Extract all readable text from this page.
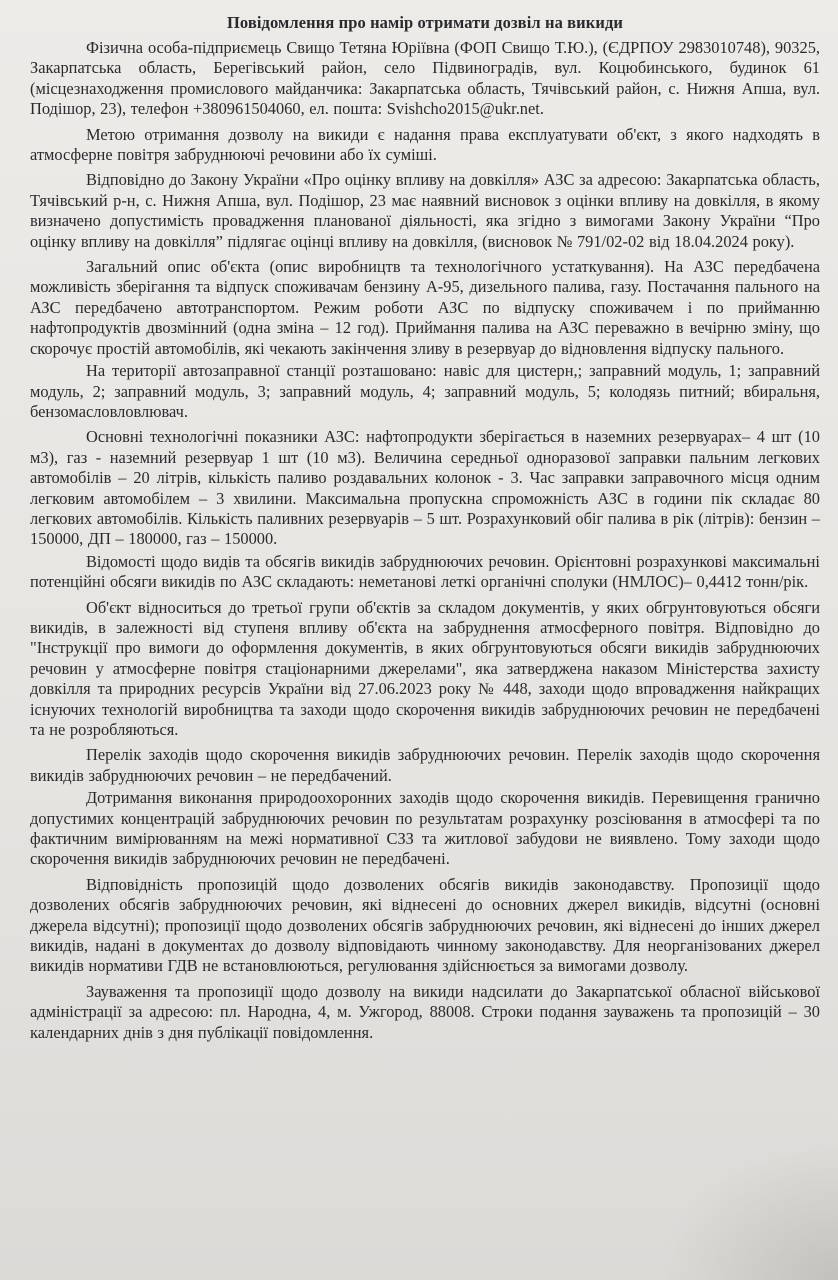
Повідомлення про намір отримати дозвіл на викиди

Фізична особа-підприємець Свищо Тетяна Юріївна (ФОП Свищо Т.Ю.), (ЄДРПОУ 2983010748), 90325, Закарпатська область, Берегівський район, село Підвиноградів, вул. Коцюбинського, будинок 61 (місцезнаходження промислового майданчика: Закарпатська область, Тячівський район, с. Нижня Апша, вул. Подішор, 23), телефон +380961504060, ел. пошта: Svishcho2015@ukr.net.

Метою отримання дозволу на викиди є надання права експлуатувати об'єкт, з якого надходять в атмосферне повітря забруднюючі речовини або їх суміші.

Відповідно до Закону України «Про оцінку впливу на довкілля» АЗС за адресою: Закарпатська область, Тячівський р-н, с. Нижня Апша, вул. Подішор, 23 має наявний висновок з оцінки впливу на довкілля, в якому визначено допустимість провадження планованої діяльності, яка згідно з вимогами Закону України “Про оцінку впливу на довкілля” підлягає оцінці впливу на довкілля, (висновок № 791/02-02 від 18.04.2024 року).

Загальний опис об'єкта (опис виробництв та технологічного устаткування). На АЗС передбачена можливість зберігання та відпуск споживачам бензину А-95, дизельного палива, газу. Постачання пального на АЗС передбачено автотранспортом. Режим роботи АЗС по відпуску споживачем і по прийманню нафтопродуктів двозмінний (одна зміна – 12 год). Приймання палива на АЗС переважно в вечірню зміну, що скорочує простій автомобілів, які чекають закінчення зливу в резервуар до відновлення відпуску пального.

На території автозаправної станції розташовано: навіс для цистерн,; заправний модуль, 1; заправний модуль, 2; заправний модуль, 3; заправний модуль, 4; заправний модуль, 5; колодязь питний; вбиральня, бензомасловловлювач.

Основні технологічні показники АЗС: нафтопродукти зберігається в наземних резервуарах– 4 шт (10 м3), газ - наземний резервуар 1 шт (10 м3). Величина середньої одноразової заправки пальним легкових автомобілів – 20 літрів, кількість паливо роздавальних колонок - 3. Час заправки заправочного місця одним легковим автомобілем – 3 хвилини. Максимальна пропускна спроможність АЗС в години пік складає 80 легкових автомобілів. Кількість паливних резервуарів – 5 шт. Розрахунковий обіг палива в рік (літрів): бензин – 150000, ДП – 180000, газ – 150000.

Відомості щодо видів та обсягів викидів забруднюючих речовин. Орієнтовні розрахункові максимальні потенційні обсяги викидів по АЗС складають: неметанові леткі органічні сполуки (НМЛОС)– 0,4412 тонн/рік.

Об'єкт відноситься до третьої групи об'єктів за складом документів, у яких обгрунтовуються обсяги викидів, в залежності від ступеня впливу об'єкта на забруднення атмосферного повітря. Відповідно до "Інструкції про вимоги до оформлення документів, в яких обгрунтовуються обсяги викидів забруднюючих речовин у атмосферне повітря стаціонарними джерелами", яка затверджена наказом Міністерства захисту довкілля та природних ресурсів України від 27.06.2023 року № 448, заходи щодо впровадження найкращих існуючих технологій виробництва та заходи щодо скорочення викидів забруднюючих речовин не передбачені та не розробляються.

Перелік заходів щодо скорочення викидів забруднюючих речовин. Перелік заходів щодо скорочення викидів забруднюючих речовин – не передбачений.

Дотримання виконання природоохоронних заходів щодо скорочення викидів. Перевищення гранично допустимих концентрацій забруднюючих речовин по результатам розрахунку розсіювання в атмосфері та по фактичним вимірюванням на межі нормативної СЗЗ та житлової забудови не виявлено. Тому заходи щодо скорочення викидів забруднюючих речовин не передбачені.

Відповідність пропозицій щодо дозволених обсягів викидів законодавству. Пропозиції щодо дозволених обсягів забруднюючих речовин, які віднесені до основних джерел викидів, відсутні (основні джерела відсутні); пропозиції щодо дозволених обсягів забруднюючих речовин, які віднесені до інших джерел викидів, надані в документах до дозволу відповідають чинному законодавству. Для неорганізованих джерел викидів нормативи ГДВ не встановлюються, регулювання здійснюється за вимогами дозволу.

Зауваження та пропозиції щодо дозволу на викиди надсилати до Закарпатської обласної військової адміністрації за адресою: пл. Народна, 4, м. Ужгород, 88008. Строки подання зауважень та пропозицій – 30 календарних днів з дня публікації повідомлення.
